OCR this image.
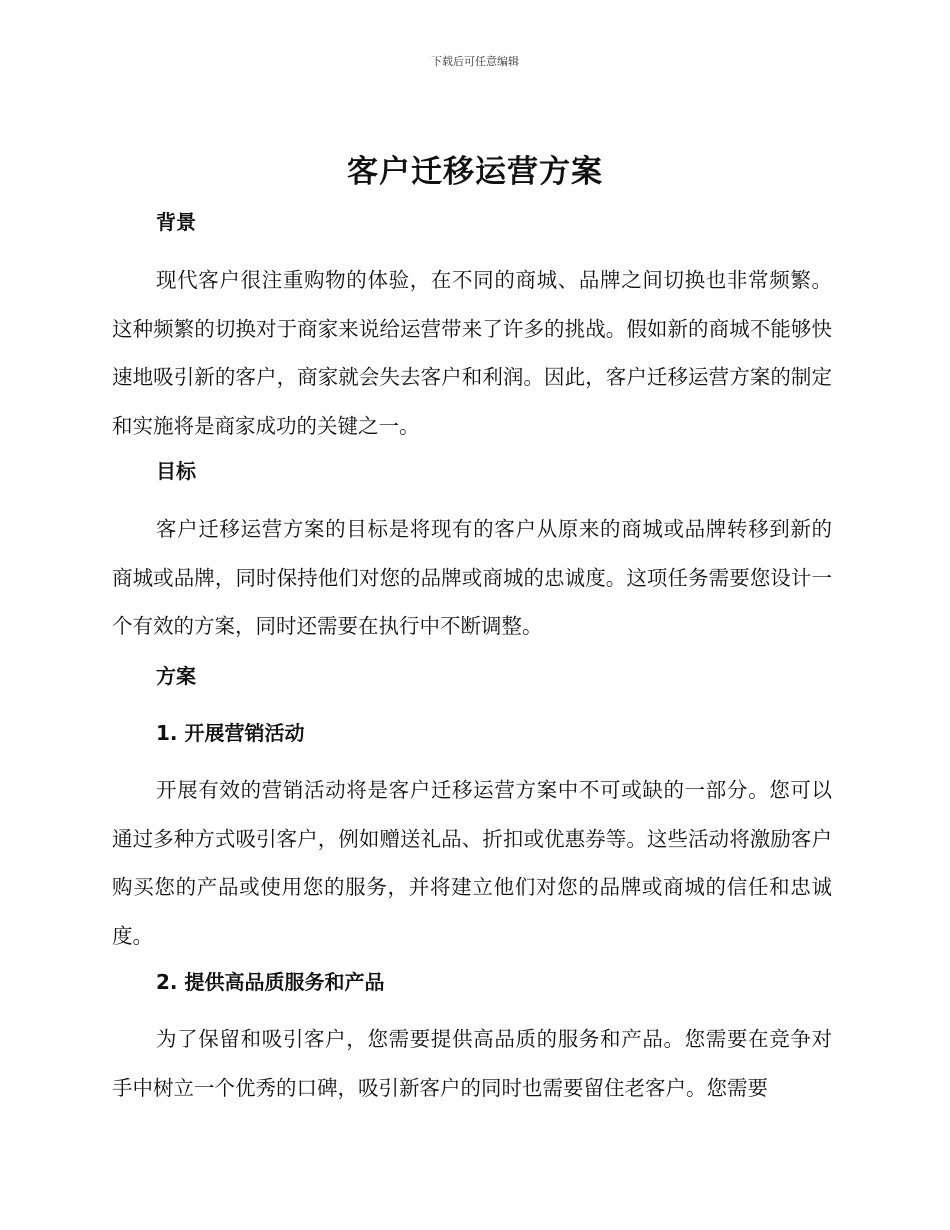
下载后可任意编辑
客户迁移运营方案
背景

现代客户很注重购物的体验，在不同的商城、品牌之间切换也非常频繁。这种频繁的切换对于商家来说给运营带来了许多的挑战。假如新的商城不能够快速地吸引新的客户，商家就会失去客户和利润。因此，客户迁移运营方案的制定和实施将是商家成功的关键之一。

目标

客户迁移运营方案的目标是将现有的客户从原来的商城或品牌转移到新的商城或品牌，同时保持他们对您的品牌或商城的忠诚度。这项任务需要您设计一个有效的方案，同时还需要在执行中不断调整。

方案
1. 开展营销活动

开展有效的营销活动将是客户迁移运营方案中不可或缺的一部分。您可以通过多种方式吸引客户，例如赠送礼品、折扣或优惠券等。这些活动将激励客户购买您的产品或使用您的服务，并将建立他们对您的品牌或商城的信任和忠诚度。

2. 提供高品质服务和产品

为了保留和吸引客户，您需要提供高品质的服务和产品。您需要在竞争对手中树立一个优秀的口碑，吸引新客户的同时也需要留住老客户。您需要
